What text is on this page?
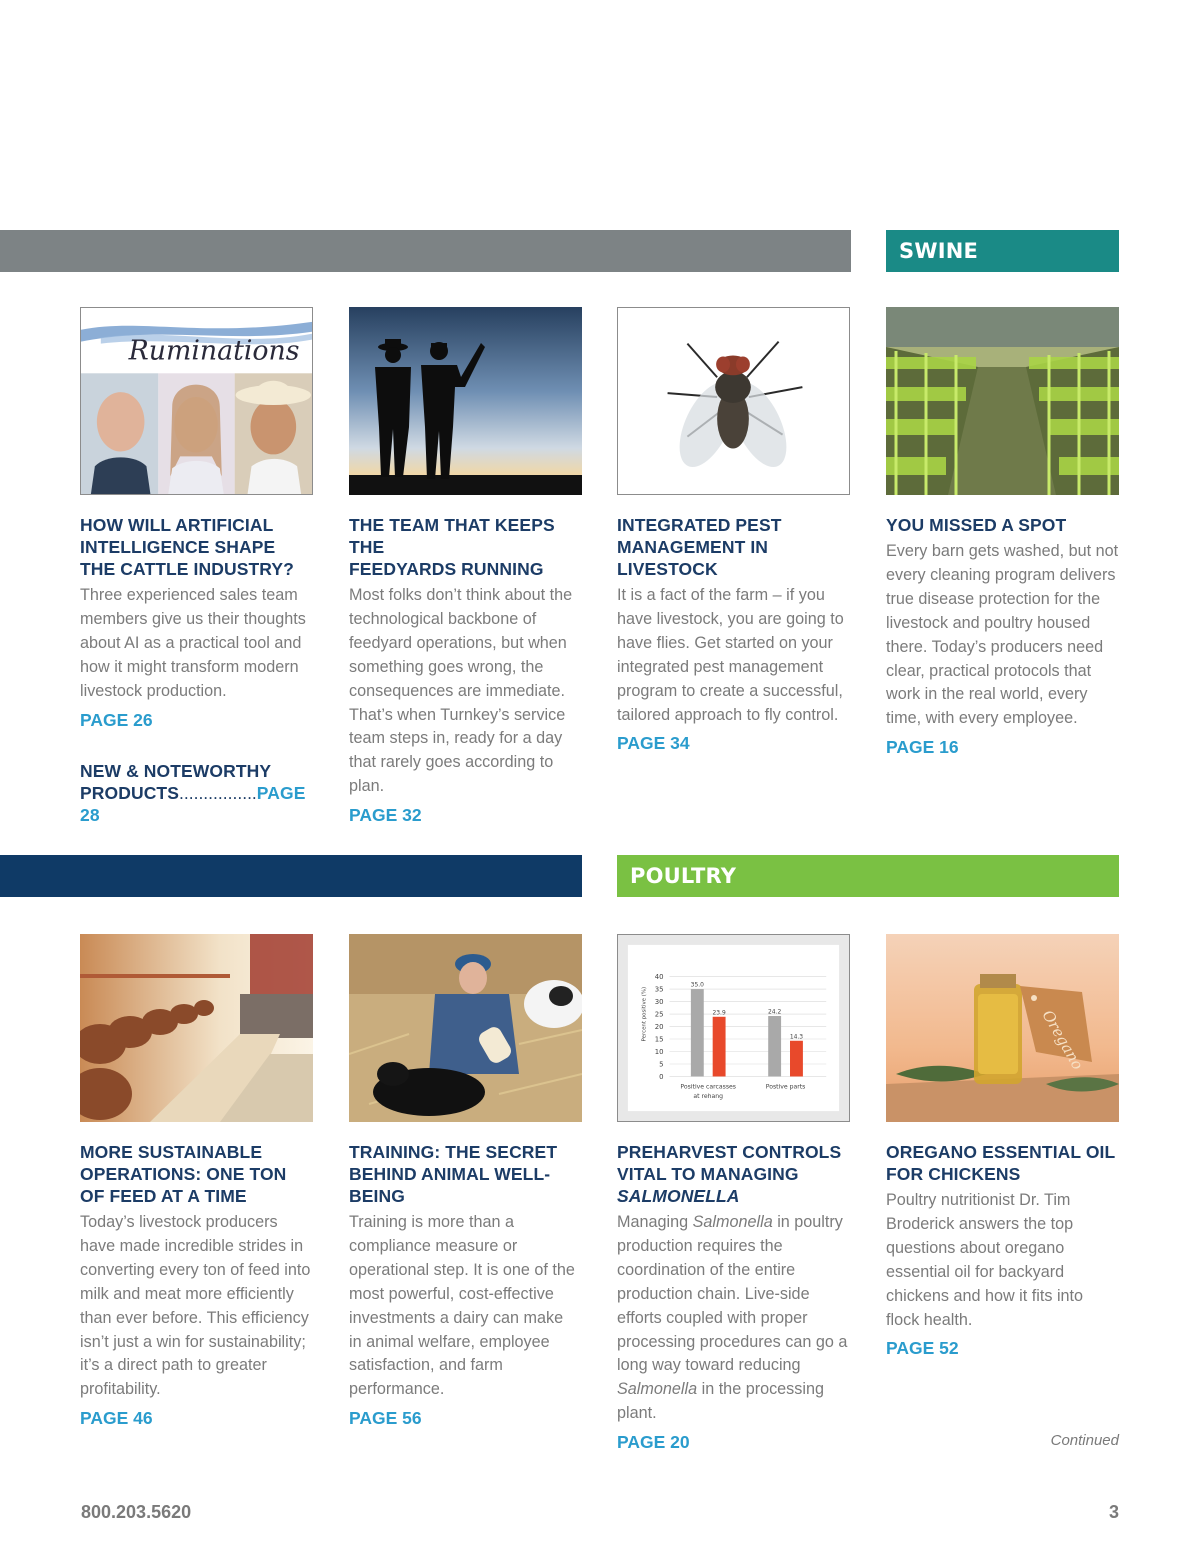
SWINE
Ruminations
HOW WILL ARTIFICIAL
INTELLIGENCE SHAPE
THE CATTLE INDUSTRY?
Three experienced sales team members give us their thoughts about AI as a practical tool and how it might transform modern livestock production.
PAGE 26
NEW & NOTEWORTHY
PRODUCTS................PAGE 28
THE TEAM THAT KEEPS THE
FEEDYARDS RUNNING
Most folks don’t think about the technological backbone of feedyard operations, but when something goes wrong, the consequences are immediate. That’s when Turnkey’s service team steps in, ready for a day that rarely goes according to plan.
PAGE 32
INTEGRATED PEST
MANAGEMENT IN LIVESTOCK
It is a fact of the farm – if you have livestock, you are going to have flies. Get started on your integrated pest management program to create a successful, tailored approach to fly control.
PAGE 34
YOU MISSED A SPOT
Every barn gets washed, but not every cleaning program delivers true disease protection for the livestock and poultry housed there. Today’s producers need clear, practical protocols that work in the real world, every time, with every employee.
PAGE 16
POULTRY
40
35
30
25
20
15
10
5
0
35.0
23.9	24.2
14.3
Percent positive (%)
Positive carcasses
at rehang
Postive parts
Oregano
MORE SUSTAINABLE
OPERATIONS: ONE TON
OF FEED AT A TIME
Today’s livestock producers have made incredible strides in converting every ton of feed into milk and meat more efficiently than ever before. This efficiency isn’t just a win for sustainability; it’s a direct path to greater profitability.
PAGE 46
TRAINING: THE SECRET
BEHIND ANIMAL WELL-BEING
Training is more than a compliance measure or operational step. It is one of the most powerful, cost-effective investments a dairy can make in animal welfare, employee satisfaction, and farm performance.
PAGE 56
PREHARVEST CONTROLS
VITAL TO MANAGING
SALMONELLA
Managing Salmonella in poultry production requires the coordination of the entire production chain. Live-side efforts coupled with proper processing procedures can go a long way toward reducing Salmonella in the processing plant.
PAGE 20
OREGANO ESSENTIAL OIL
FOR CHICKENS
Poultry nutritionist Dr. Tim Broderick answers the top questions about oregano essential oil for backyard chickens and how it fits into flock health.
PAGE 52
Continued
800.203.5620	3
